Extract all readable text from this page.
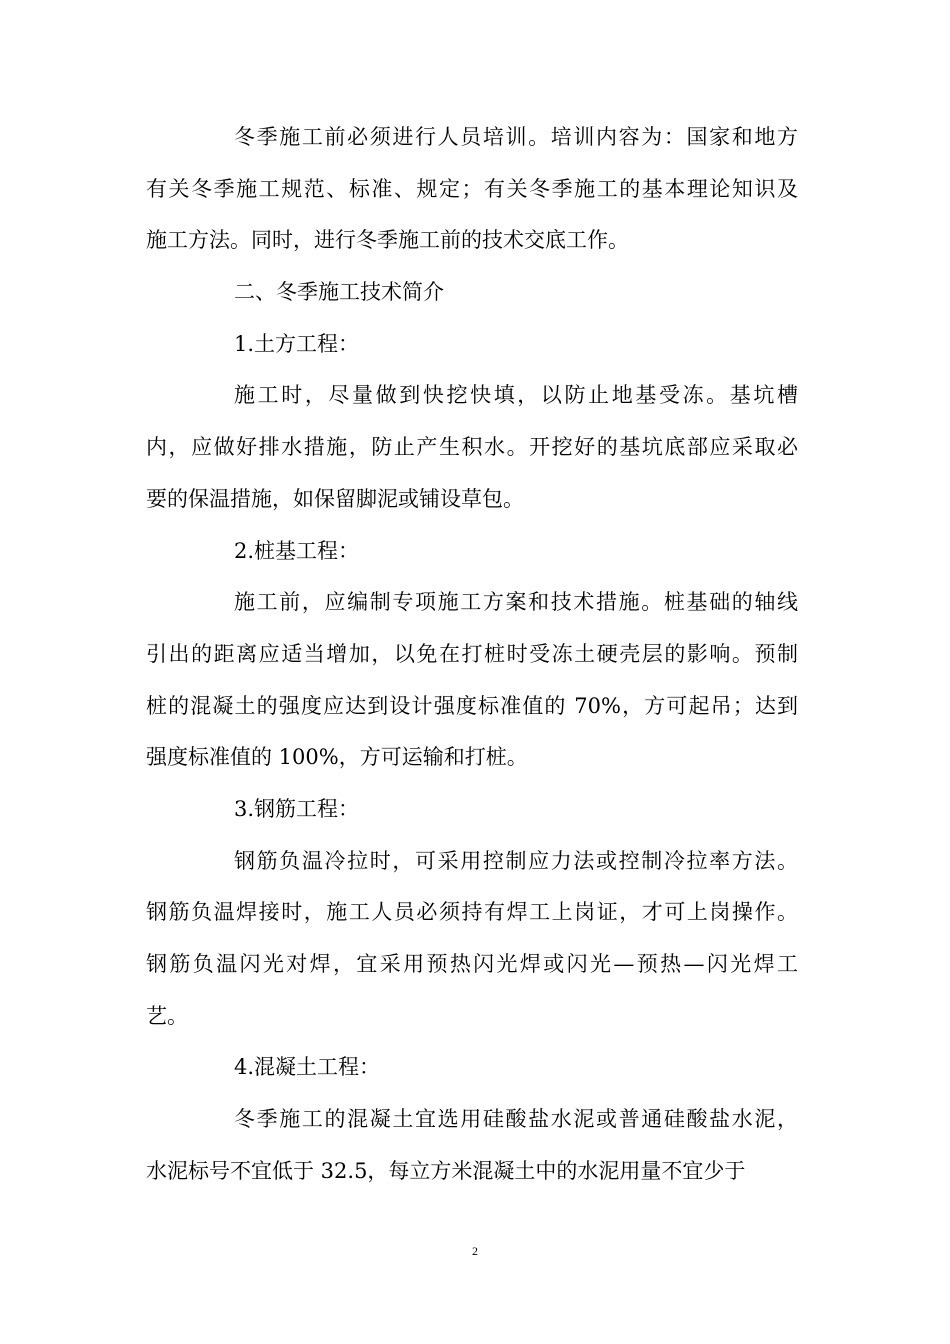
冬季施工前必须进行人员培训。培训内容为：国家和地方
有关冬季施工规范、标准、规定；有关冬季施工的基本理论知识及
施工方法。同时，进行冬季施工前的技术交底工作。
二、冬季施工技术简介
1.土方工程：
施工时，尽量做到快挖快填，以防止地基受冻。基坑槽
内，应做好排水措施，防止产生积水。开挖好的基坑底部应采取必
要的保温措施，如保留脚泥或铺设草包。
2.桩基工程：
施工前，应编制专项施工方案和技术措施。桩基础的轴线
引出的距离应适当增加，以免在打桩时受冻土硬壳层的影响。预制
桩的混凝土的强度应达到设计强度标准值的 70%，方可起吊；达到
强度标准值的 100%，方可运输和打桩。
3.钢筋工程：
钢筋负温冷拉时，可采用控制应力法或控制冷拉率方法。
钢筋负温焊接时，施工人员必须持有焊工上岗证，才可上岗操作。
钢筋负温闪光对焊，宜采用预热闪光焊或闪光—预热—闪光焊工
艺。
4.混凝土工程：
冬季施工的混凝土宜选用硅酸盐水泥或普通硅酸盐水泥，
水泥标号不宜低于 32.5，每立方米混凝土中的水泥用量不宜少于
2
